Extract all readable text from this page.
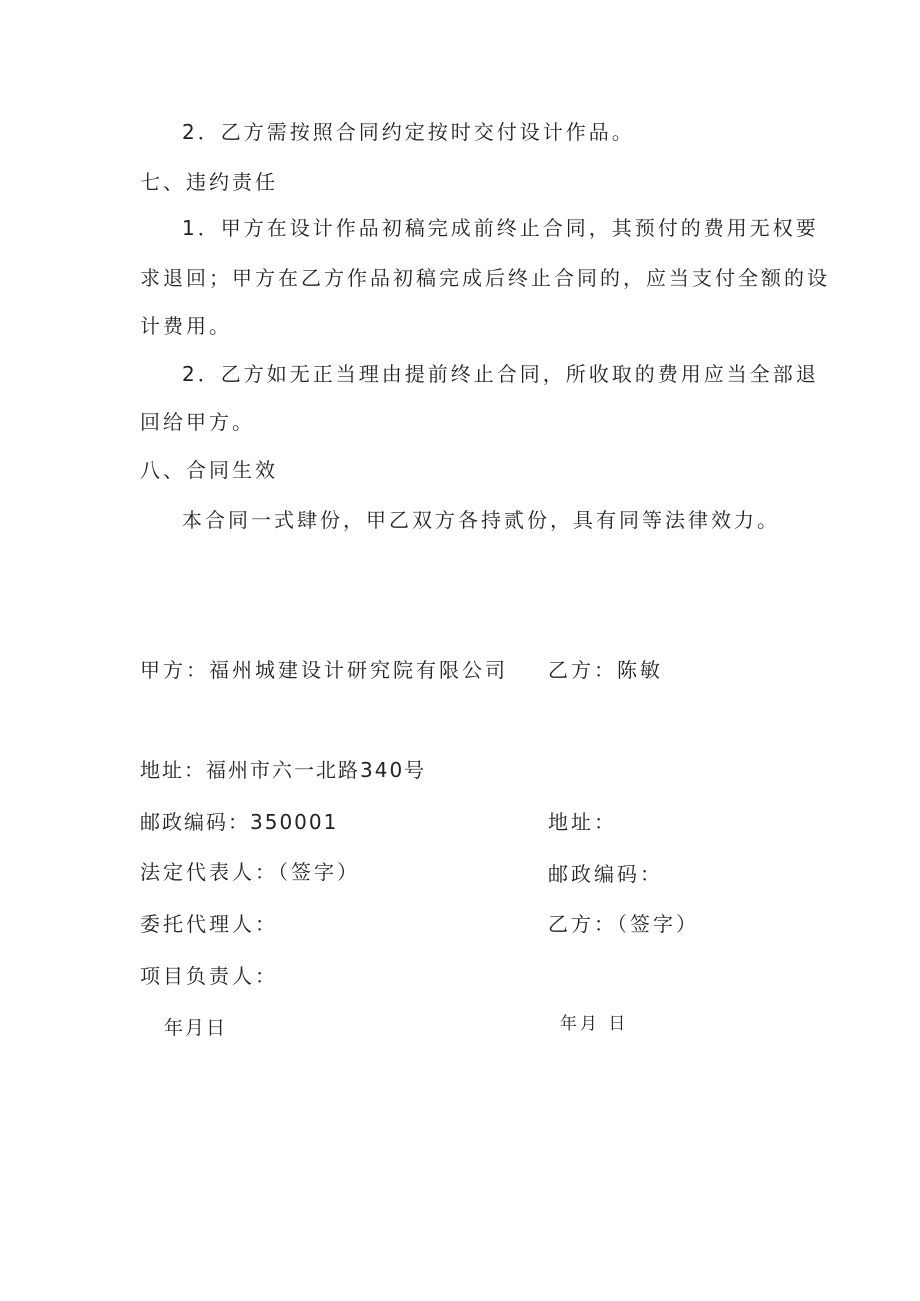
2．乙方需按照合同约定按时交付设计作品。
七、违约责任
1．甲方在设计作品初稿完成前终止合同，其预付的费用无权要
求退回；甲方在乙方作品初稿完成后终止合同的，应当支付全额的设
计费用。
2．乙方如无正当理由提前终止合同，所收取的费用应当全部退
回给甲方。
八、合同生效
本合同一式肆份，甲乙双方各持贰份，具有同等法律效力。
甲方：福州城建设计研究院有限公司 乙方：陈敏
地址：福州市六一北路340号
邮政编码：350001	地址：
法定代表人：（签字）	邮政编码：
委托代理人：	乙方：（签字）
项目负责人：
年月日	年月 日
